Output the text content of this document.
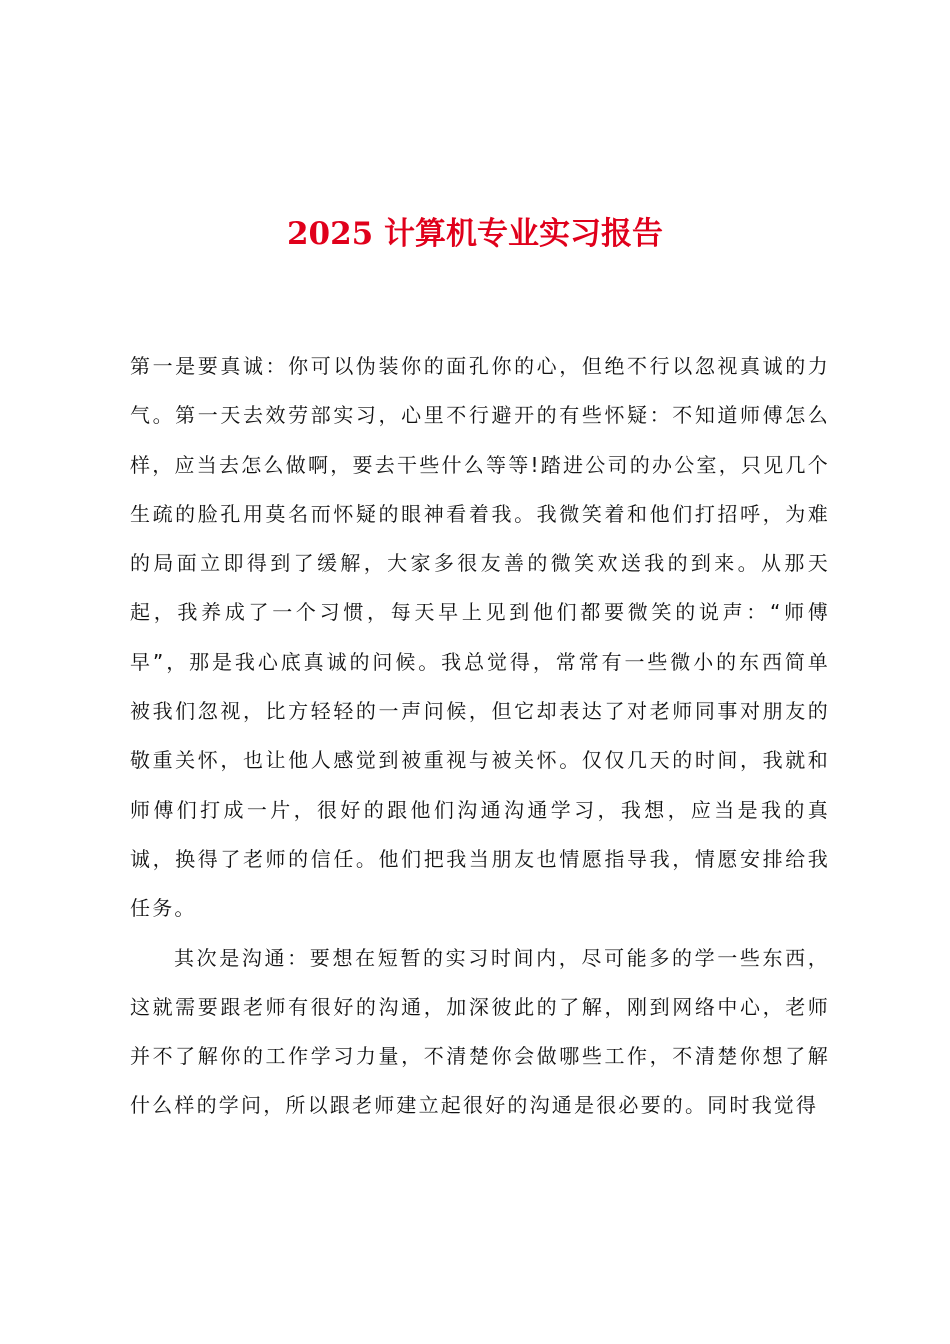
2025 计算机专业实习报告

第一是要真诚：你可以伪装你的面孔你的心，但绝不行以忽视真诚的力气。第一天去效劳部实习，心里不行避开的有些怀疑：不知道师傅怎么样，应当去怎么做啊，要去干些什么等等!踏进公司的办公室，只见几个生疏的脸孔用莫名而怀疑的眼神看着我。我微笑着和他们打招呼，为难的局面立即得到了缓解，大家多很友善的微笑欢送我的到来。从那天起，我养成了一个习惯，每天早上见到他们都要微笑的说声：“师傅早”，那是我心底真诚的问候。我总觉得，常常有一些微小的东西简单被我们忽视，比方轻轻的一声问候，但它却表达了对老师同事对朋友的敬重关怀，也让他人感觉到被重视与被关怀。仅仅几天的时间，我就和师傅们打成一片，很好的跟他们沟通沟通学习，我想，应当是我的真诚，换得了老师的信任。他们把我当朋友也情愿指导我，情愿安排给我任务。

其次是沟通：要想在短暂的实习时间内，尽可能多的学一些东西，这就需要跟老师有很好的沟通，加深彼此的了解，刚到网络中心，老师并不了解你的工作学习力量，不清楚你会做哪些工作，不清楚你想了解什么样的学问，所以跟老师建立起很好的沟通是很必要的。同时我觉得
